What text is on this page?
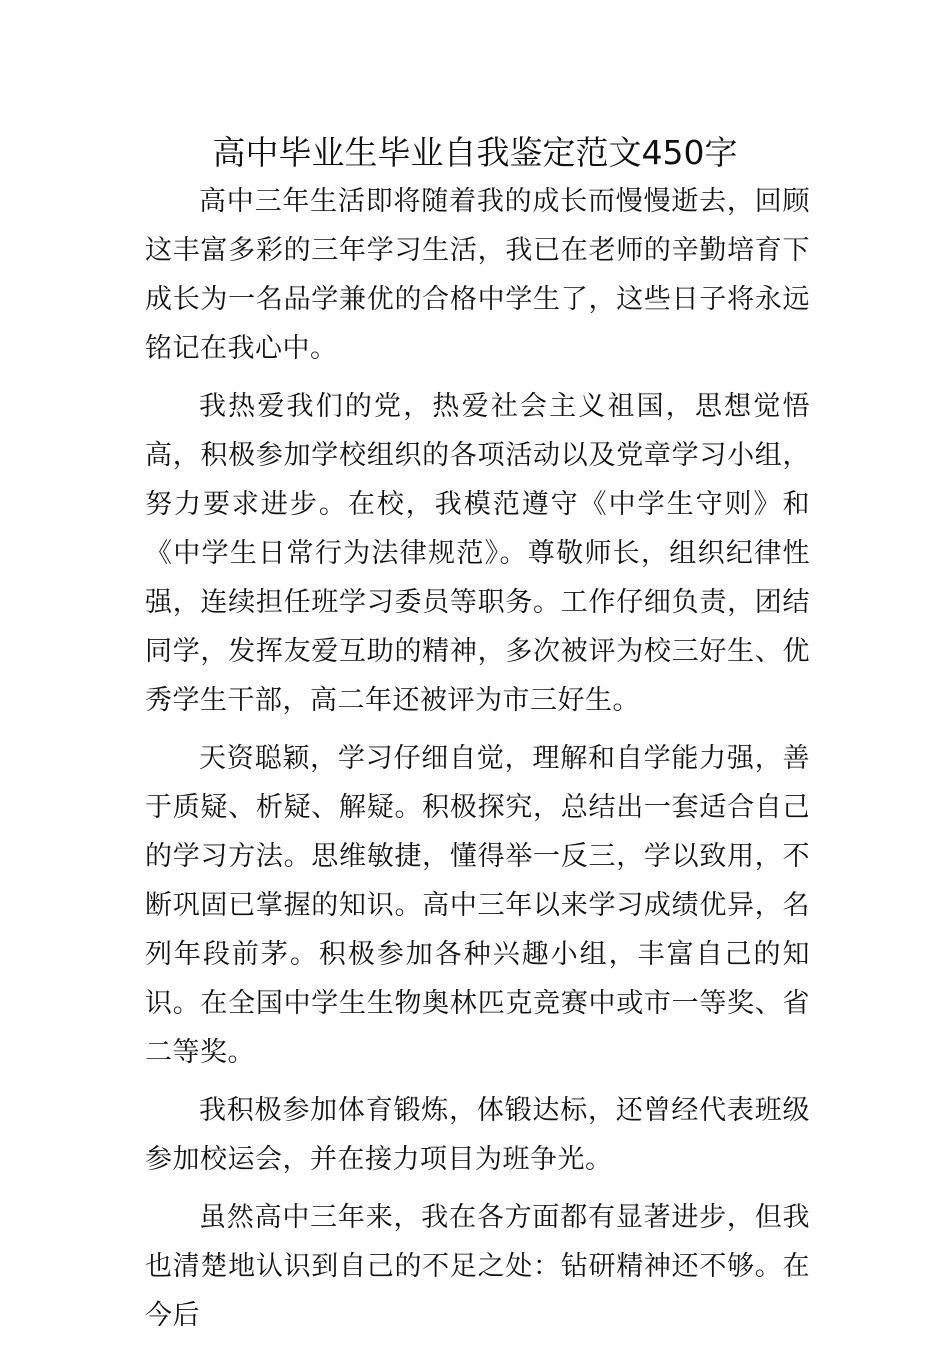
高中毕业生毕业自我鉴定范文450字

高中三年生活即将随着我的成长而慢慢逝去，回顾这丰富多彩的三年学习生活，我已在老师的辛勤培育下成长为一名品学兼优的合格中学生了，这些日子将永远铭记在我心中。

我热爱我们的党，热爱社会主义祖国，思想觉悟高，积极参加学校组织的各项活动以及党章学习小组，努力要求进步。在校，我模范遵守《中学生守则》和《中学生日常行为法律规范》。尊敬师长，组织纪律性强，连续担任班学习委员等职务。工作仔细负责，团结同学，发挥友爱互助的精神，多次被评为校三好生、优秀学生干部，高二年还被评为市三好生。

天资聪颖，学习仔细自觉，理解和自学能力强，善于质疑、析疑、解疑。积极探究，总结出一套适合自己的学习方法。思维敏捷，懂得举一反三，学以致用，不断巩固已掌握的知识。高中三年以来学习成绩优异，名列年段前茅。积极参加各种兴趣小组，丰富自己的知识。在全国中学生生物奥林匹克竞赛中或市一等奖、省二等奖。

我积极参加体育锻炼，体锻达标，还曾经代表班级参加校运会，并在接力项目为班争光。

虽然高中三年来，我在各方面都有显著进步，但我也清楚地认识到自己的不足之处：钻研精神还不够。在今后
